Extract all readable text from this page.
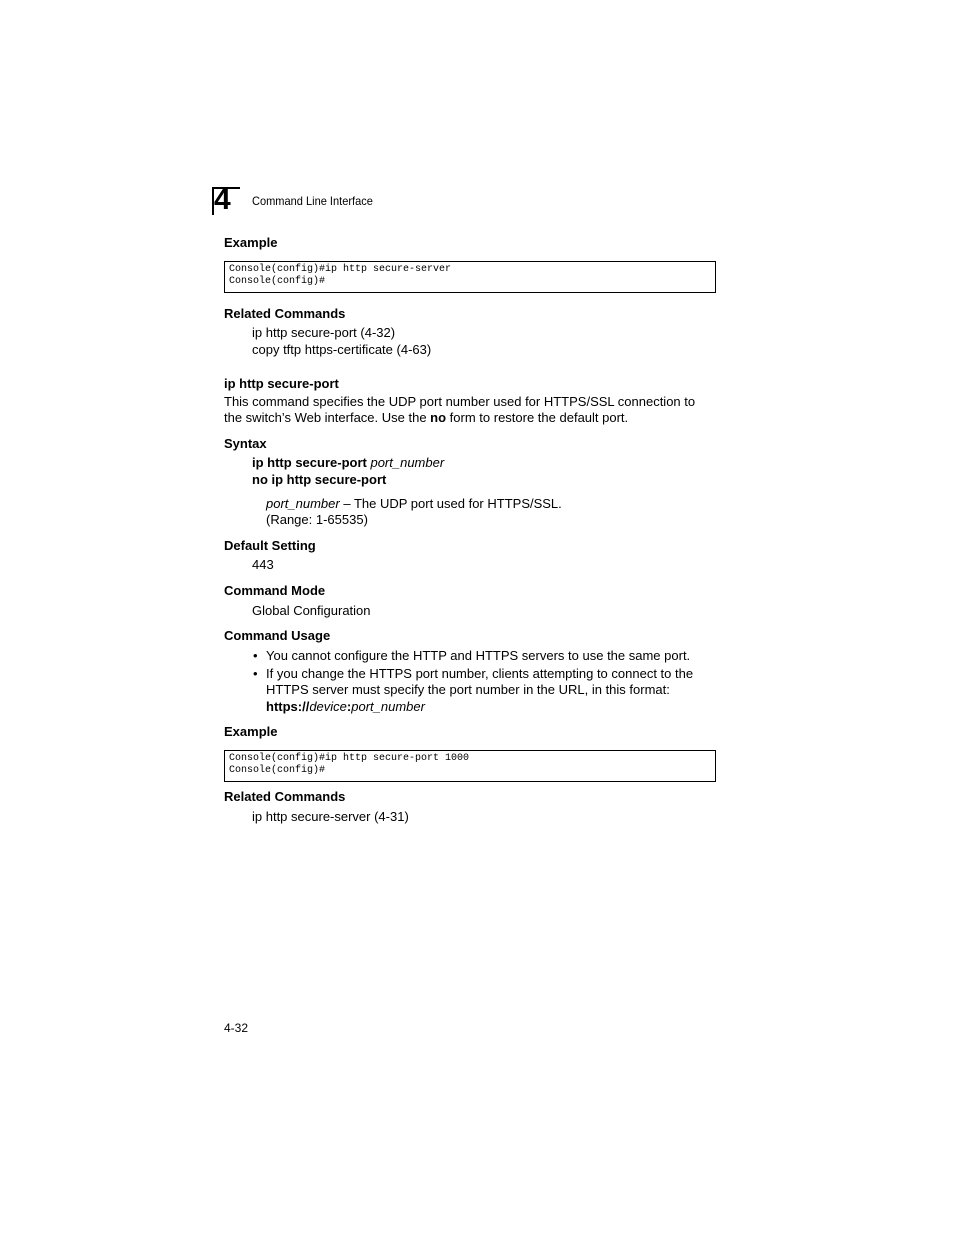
4 Command Line Interface
Example
Console(config)#ip http secure-server
Console(config)#
Related Commands
ip http secure-port (4-32)
copy tftp https-certificate (4-63)
ip http secure-port
This command specifies the UDP port number used for HTTPS/SSL connection to
the switch’s Web interface. Use the no form to restore the default port.
Syntax
ip http secure-port port_number
no ip http secure-port
port_number – The UDP port used for HTTPS/SSL.
(Range: 1-65535)
Default Setting
443
Command Mode
Global Configuration
Command Usage
• You cannot configure the HTTP and HTTPS servers to use the same port.
• If you change the HTTPS port number, clients attempting to connect to the
HTTPS server must specify the port number in the URL, in this format:
https://device:port_number
Example
Console(config)#ip http secure-port 1000
Console(config)#
Related Commands
ip http secure-server (4-31)
4-32
